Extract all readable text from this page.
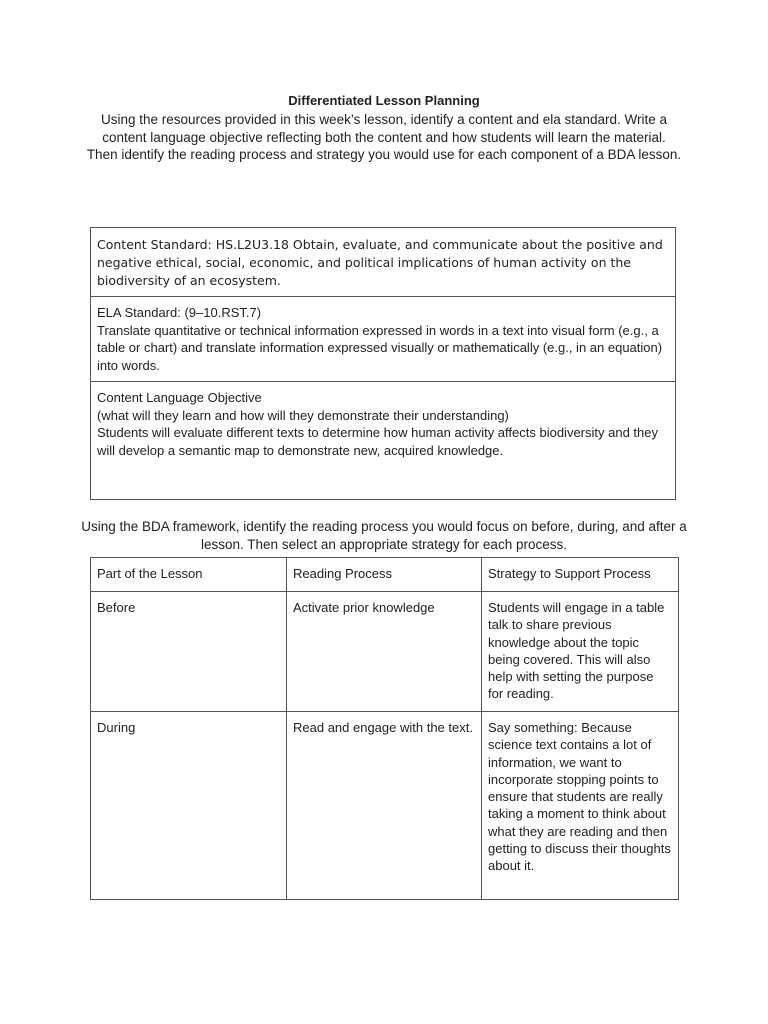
Differentiated Lesson Planning
Using the resources provided in this week’s lesson, identify a content and ela standard. Write a content language objective reflecting both the content and how students will learn the material. Then identify the reading process and strategy you would use for each component of a BDA lesson.
Content Standard: HS.L2U3.18 Obtain, evaluate, and communicate about the positive and negative ethical, social, economic, and political implications of human activity on the biodiversity of an ecosystem.
ELA Standard: (9–10.RST.7)
Translate quantitative or technical information expressed in words in a text into visual form (e.g., a table or chart) and translate information expressed visually or mathematically (e.g., in an equation) into words.
Content Language Objective
(what will they learn and how will they demonstrate their understanding)
Students will evaluate different texts to determine how human activity affects biodiversity and they will develop a semantic map to demonstrate new, acquired knowledge.
Using the BDA framework, identify the reading process you would focus on before, during, and after a lesson. Then select an appropriate strategy for each process.
Part of the Lesson	Reading Process	Strategy to Support Process
Before	Activate prior knowledge	Students will engage in a table talk to share previous knowledge about the topic being covered. This will also help with setting the purpose for reading.
During	Read and engage with the text.	Say something: Because science text contains a lot of information, we want to incorporate stopping points to ensure that students are really taking a moment to think about what they are reading and then getting to discuss their thoughts about it.
